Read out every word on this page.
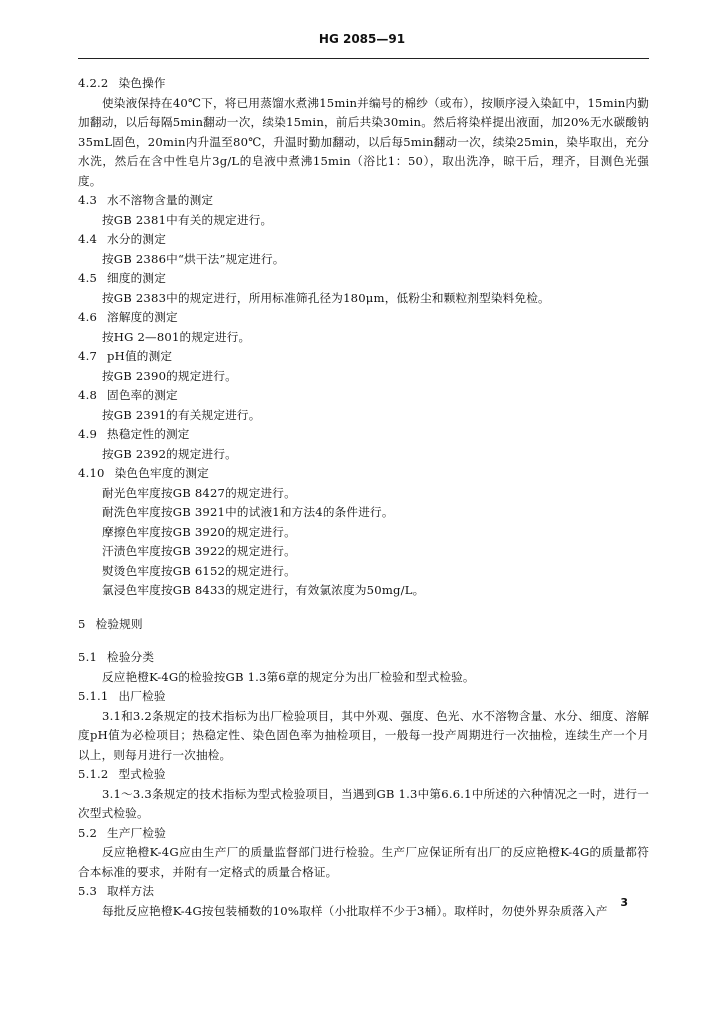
HG 2085—91
4.2.2 染色操作

使染液保持在40℃下，将已用蒸馏水煮沸15min并编号的棉纱（或布），按顺序浸入染缸中，15min内勤加翻动，以后每隔5min翻动一次，续染15min，前后共染30min。然后将染样提出液面，加20%无水碳酸钠35mL固色，20min内升温至80℃，升温时勤加翻动，以后每5min翻动一次，续染25min，染毕取出，充分水洗，然后在含中性皂片3g/L的皂液中煮沸15min（浴比1：50），取出洗净，晾干后，理齐，目测色光强度。

4.3 水不溶物含量的测定

按GB 2381中有关的规定进行。

4.4 水分的测定

按GB 2386中“烘干法”规定进行。

4.5 细度的测定

按GB 2383中的规定进行，所用标准筛孔径为180μm，低粉尘和颗粒剂型染料免检。

4.6 溶解度的测定

按HG 2—801的规定进行。

4.7 pH值的测定

按GB 2390的规定进行。

4.8 固色率的测定

按GB 2391的有关规定进行。

4.9 热稳定性的测定

按GB 2392的规定进行。

4.10 染色色牢度的测定

耐光色牢度按GB 8427的规定进行。

耐洗色牢度按GB 3921中的试液1和方法4的条件进行。

摩擦色牢度按GB 3920的规定进行。

汗渍色牢度按GB 3922的规定进行。

熨烫色牢度按GB 6152的规定进行。

氯浸色牢度按GB 8433的规定进行，有效氯浓度为50mg/L。

5 检验规则
5.1 检验分类

反应艳橙K-4G的检验按GB 1.3第6章的规定分为出厂检验和型式检验。

5.1.1 出厂检验

3.1和3.2条规定的技术指标为出厂检验项目，其中外观、强度、色光、水不溶物含量、水分、细度、溶解度pH值为必检项目；热稳定性、染色固色率为抽检项目，一般每一投产周期进行一次抽检，连续生产一个月以上，则每月进行一次抽检。

5.1.2 型式检验

3.1～3.3条规定的技术指标为型式检验项目，当遇到GB 1.3中第6.6.1中所述的六种情况之一时，进行一次型式检验。

5.2 生产厂检验

反应艳橙K-4G应由生产厂的质量监督部门进行检验。生产厂应保证所有出厂的反应艳橙K-4G的质量都符合本标准的要求，并附有一定格式的质量合格证。

5.3 取样方法

每批反应艳橙K-4G按包装桶数的10%取样（小批取样不少于3桶）。取样时，勿使外界杂质落入产

3
